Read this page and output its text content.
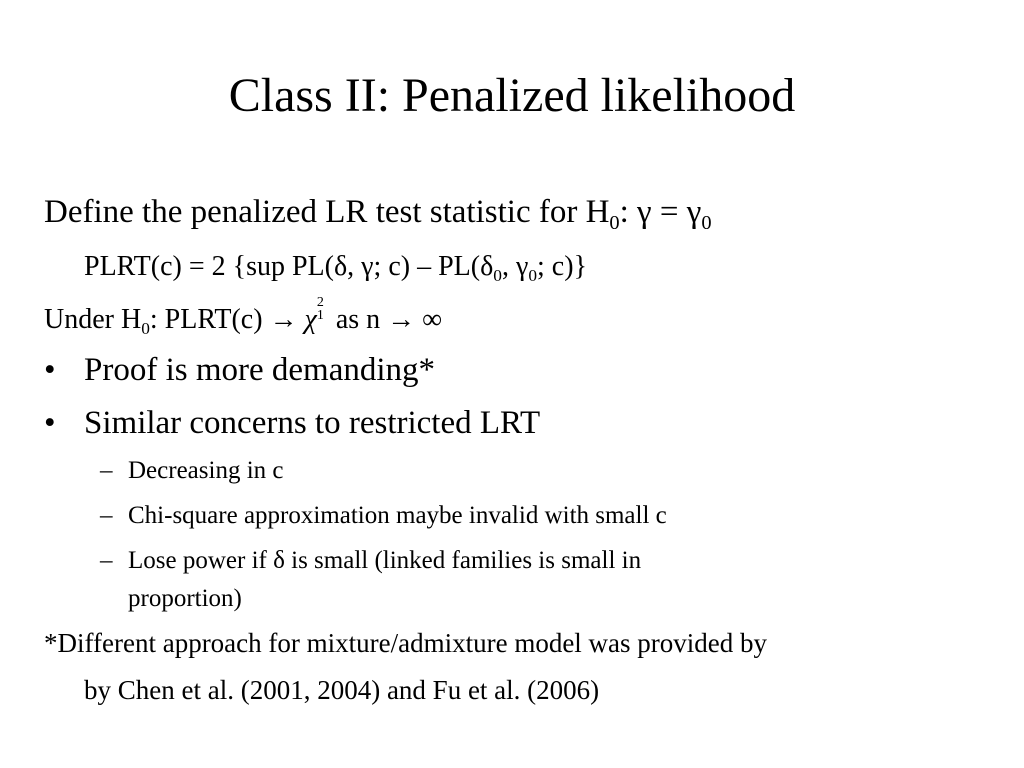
Class II: Penalized likelihood
Define the penalized LR test statistic for $H_0$: $\gamma = \gamma_0$
PLRT(c) = 2 {sup PL(δ, γ; $c) - PL(\delta_0$, $\gamma_0$; c)}
Under $H_0$: PLRT(c) → χ
2
1 as n → ∞
• Proof is more demanding*
• Similar concerns to restricted LRT
– Decreasing in c
– Chi-square approximation maybe invalid with small c
– Lose power if δ is small (linked families is small in
proportion)
*Different approach for mixture/admixture model was provided by
by Chen et al. (2001, 2004) and Fu et al. (2006)
